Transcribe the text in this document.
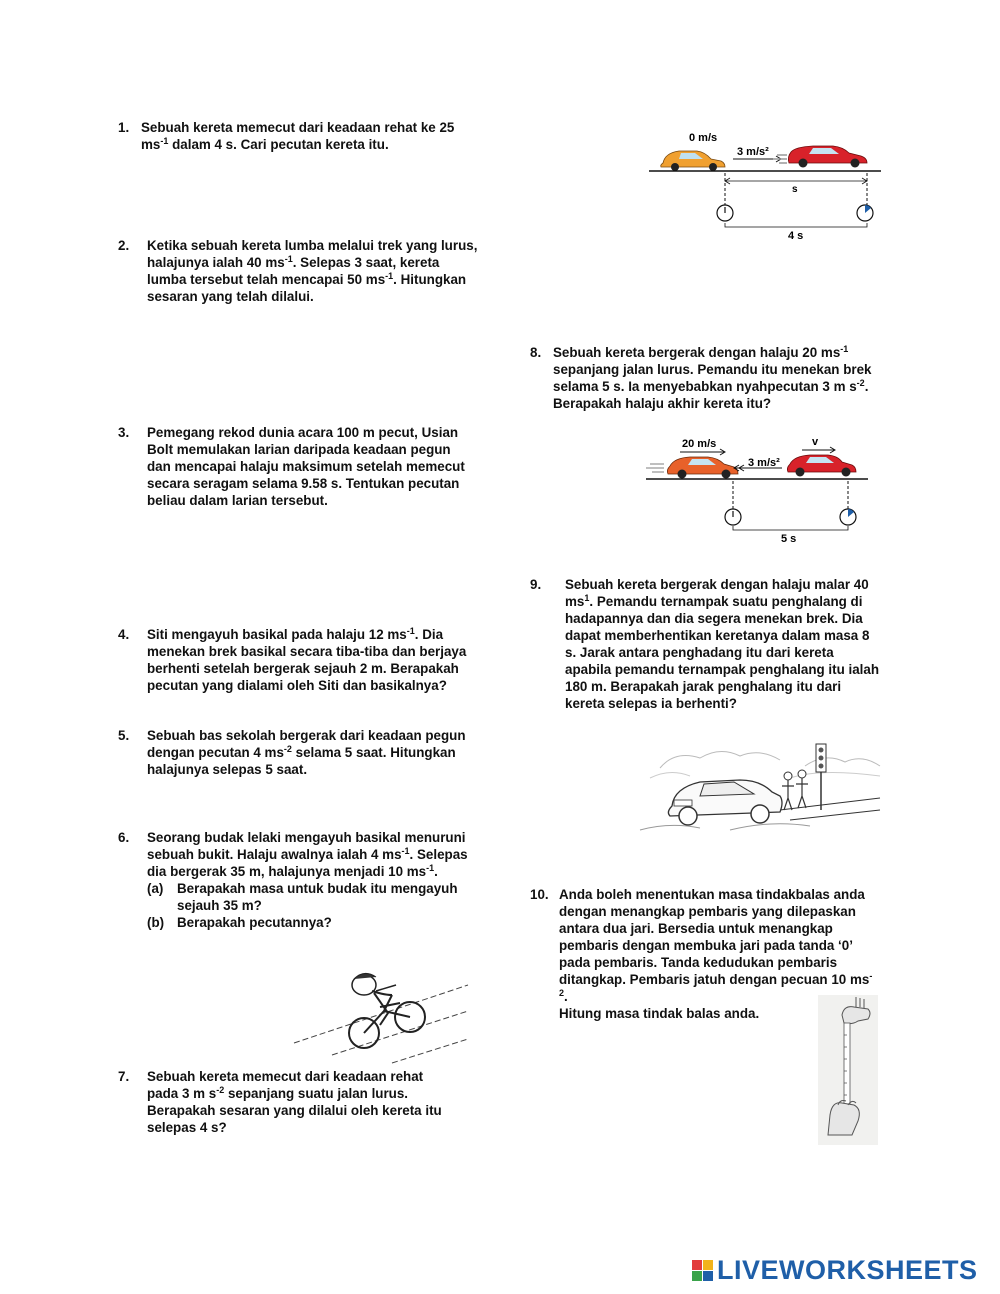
1. Sebuah kereta memecut dari keadaan rehat ke 25 $ms^{-1}$ dalam 4 s. Cari pecutan kereta itu.
2.	Ketika sebuah kereta lumba melalui trek yang lurus, halajunya ialah 40 $ms^{-1}$. Selepas 3 saat, kereta lumba tersebut telah mencapai 50 $ms^{-1}$. Hitungkan sesaran yang telah dilalui.
3.	Pemegang rekod dunia acara 100 m pecut, Usian Bolt memulakan larian daripada keadaan pegun dan mencapai halaju maksimum setelah memecut secara seragam selama 9.58 s. Tentukan pecutan beliau dalam larian tersebut.
4.	Siti mengayuh basikal pada halaju 12 $ms^{-1}$. Dia menekan brek basikal secara tiba-tiba dan berjaya berhenti setelah bergerak sejauh 2 m. Berapakah pecutan yang dialami oleh Siti dan basikalnya?
5.	Sebuah bas sekolah bergerak dari keadaan pegun dengan pecutan 4 $ms^{-2}$ selama 5 saat. Hitungkan halajunya selepas 5 saat.
6. Seorang budak lelaki mengayuh basikal menuruni sebuah bukit. Halaju awalnya ialah 4 $ms^{-1}$. Selepas dia bergerak 35 m, halajunya menjadi 10 $ms^{-1}$.
(a) Berapakah masa untuk budak itu mengayuh sejauh 35 m?
(b) Berapakah pecutannya?
7.	Sebuah kereta memecut dari keadaan rehat pada 3 m $s^{-2}$ sepanjang suatu jalan lurus. Berapakah sesaran yang dilalui oleh kereta itu selepas 4 s?
8. Sebuah kereta bergerak dengan halaju 20 $ms^{-1}$ sepanjang jalan lurus. Pemandu itu menekan brek selama 5 s. Ia menyebabkan nyahpecutan 3 m $s^{-2}$. Berapakah halaju akhir kereta itu?
9.	Sebuah kereta bergerak dengan halaju malar 40 $ms^1$. Pemandu ternampak suatu penghalang di hadapannya dan dia segera menekan brek. Dia dapat memberhentikan keretanya dalam masa 8 s. Jarak antara penghadang itu dari kereta apabila pemandu ternampak penghalang itu ialah 180 m. Berapakah jarak penghalang itu dari kereta selepas ia berhenti?
10. Anda boleh menentukan masa tindakbalas anda dengan menangkap pembaris yang dilepaskan antara dua jari. Bersedia untuk menangkap pembaris dengan membuka jari pada tanda ‘0’ pada pembaris. Tanda kedudukan pembaris ditangkap. Pembaris jatuh dengan pecuan 10 $ms^{-2}$.
Hitung masa tindak balas anda.
0 m/s
3 m/s²
s
4 s
20 m/s	v
3 m/s²
5 s
LIVEWORKSHEETS
